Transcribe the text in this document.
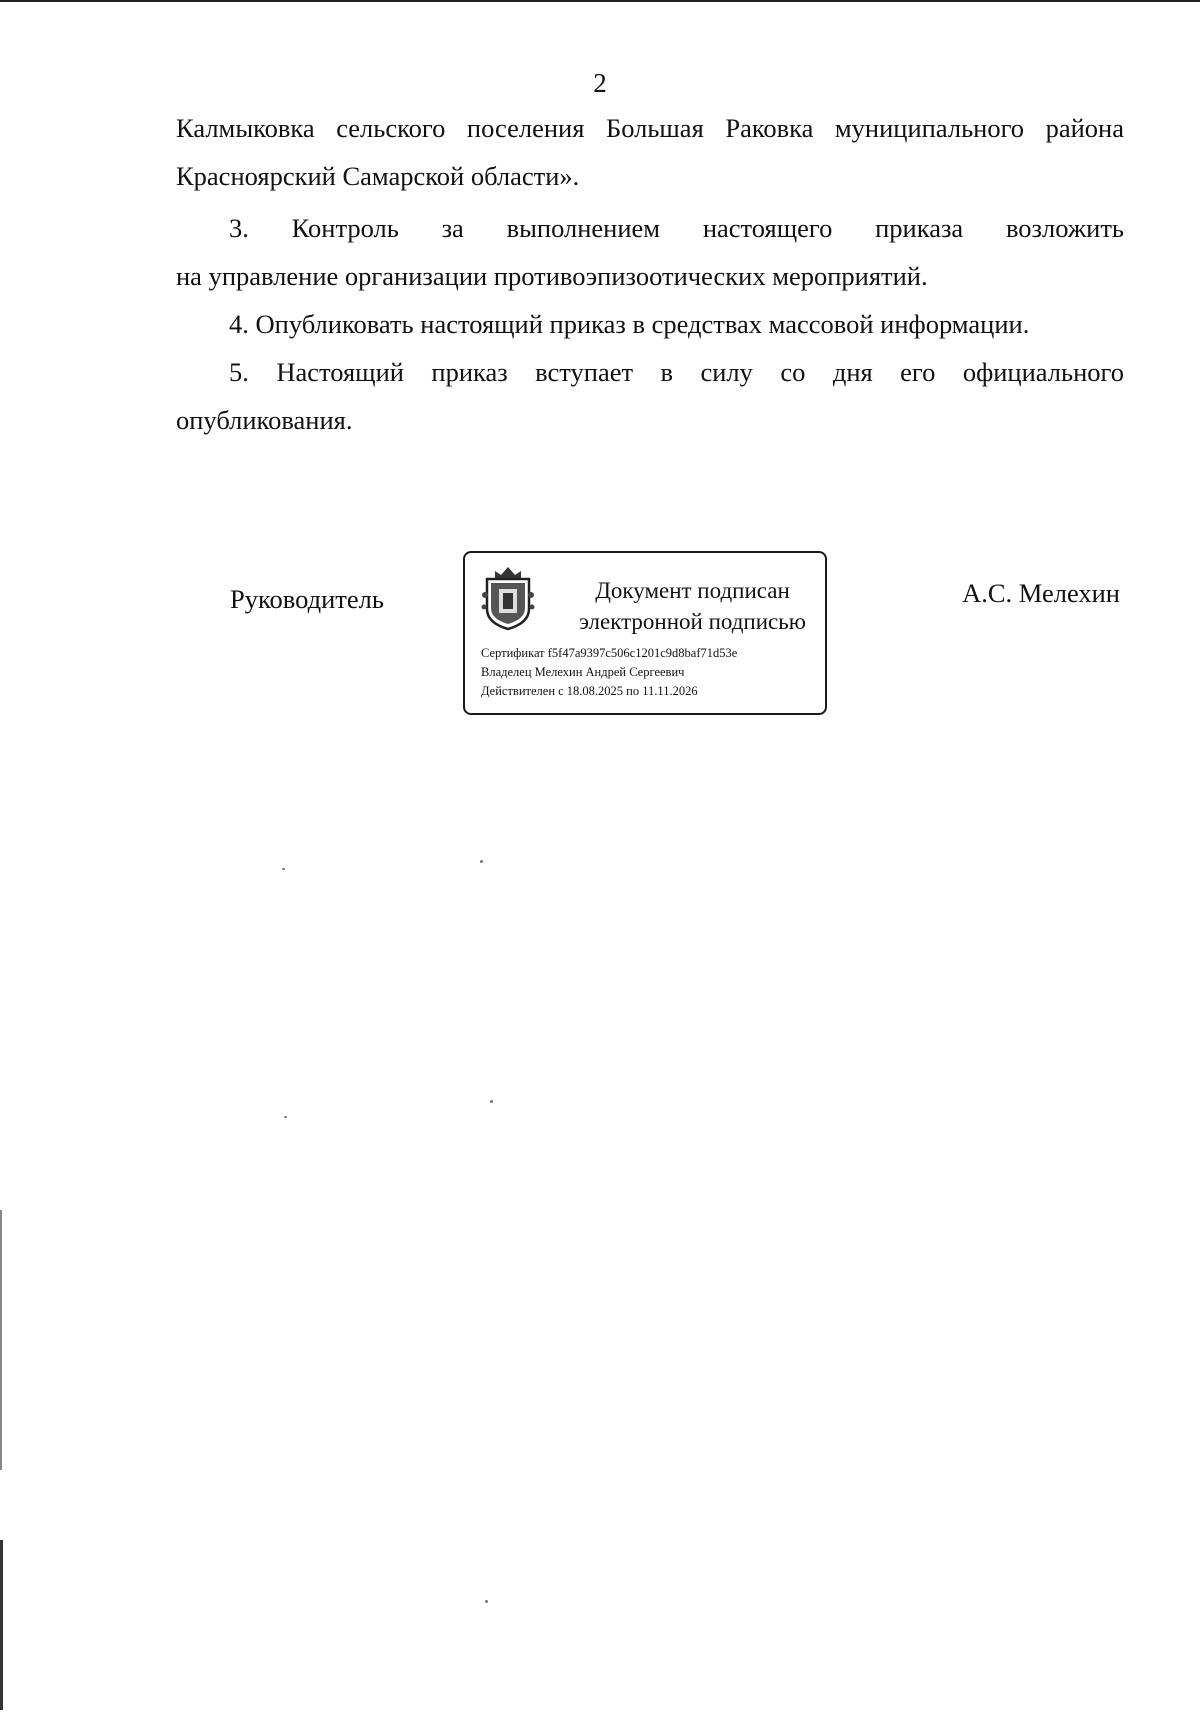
2
Калмыковка сельского поселения Большая Раковка муниципального района
Красноярский Самарской области».
3. Контроль за выполнением настоящего приказа возложить
на управление организации противоэпизоотических мероприятий.
4. Опубликовать настоящий приказ в средствах массовой информации.
5. Настоящий приказ вступает в силу со дня его официального
опубликования.
Руководитель	Документ подписан
электронной подписью
Сертификат f5f47a9397c506c1201c9d8baf71d53e
Владелец Мелехин Андрей Сергеевич
Действителен с 18.08.2025 по 11.11.2026
А.С. Мелехин
